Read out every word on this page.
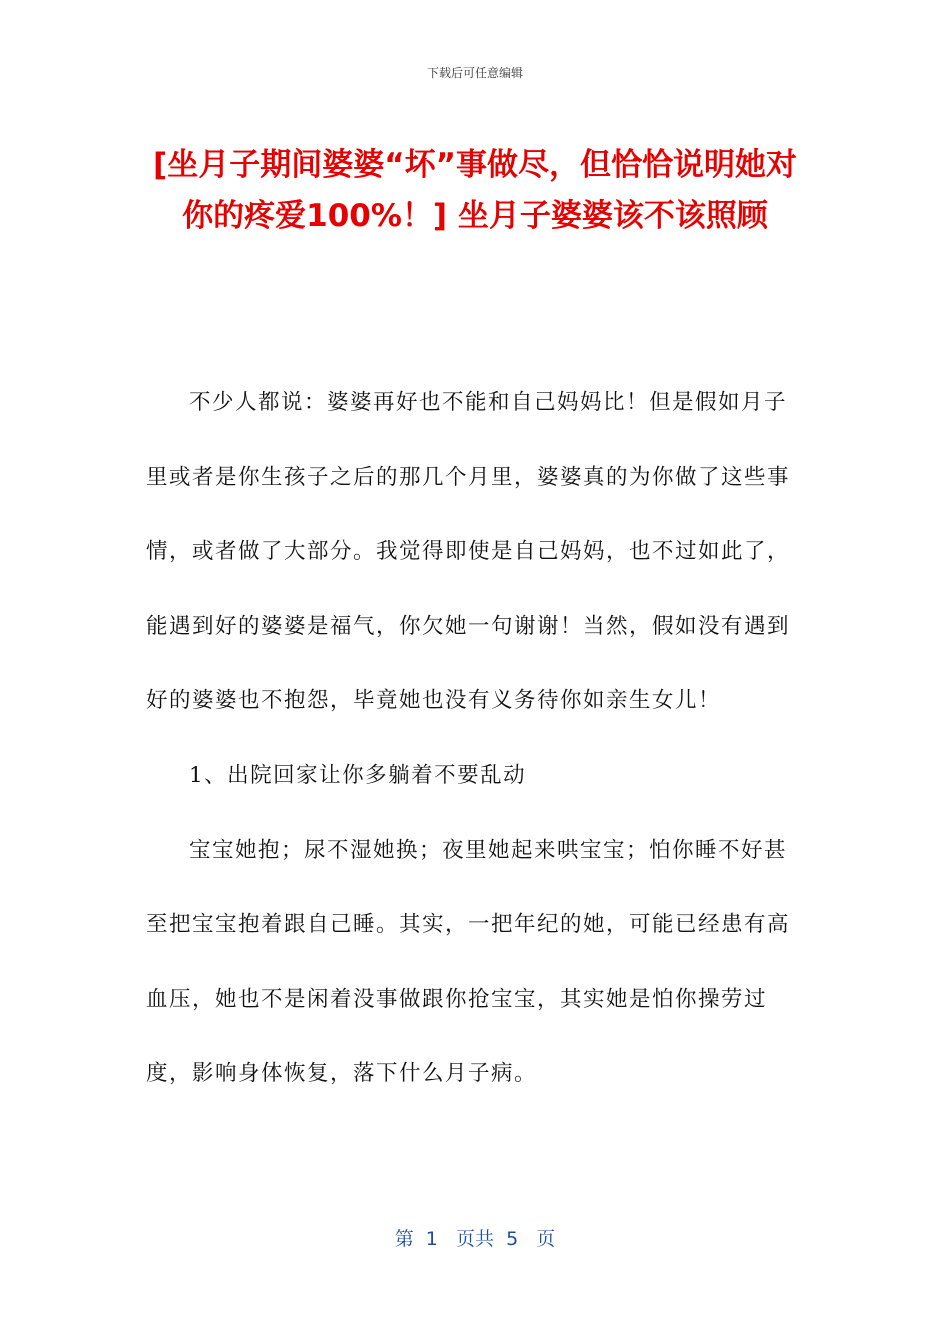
下载后可任意编辑
[坐月子期间婆婆“坏”事做尽，但恰恰说明她对你的疼爱100%！] 坐月子婆婆该不该照顾

不少人都说：婆婆再好也不能和自己妈妈比！但是假如月子里或者是你生孩子之后的那几个月里，婆婆真的为你做了这些事情，或者做了大部分。我觉得即使是自己妈妈，也不过如此了，能遇到好的婆婆是福气，你欠她一句谢谢！当然，假如没有遇到好的婆婆也不抱怨，毕竟她也没有义务待你如亲生女儿！

1、出院回家让你多躺着不要乱动

宝宝她抱；尿不湿她换；夜里她起来哄宝宝；怕你睡不好甚至把宝宝抱着跟自己睡。其实，一把年纪的她，可能已经患有高血压，她也不是闲着没事做跟你抢宝宝，其实她是怕你操劳过度，影响身体恢复，落下什么月子病。

第  1   页共  5   页
